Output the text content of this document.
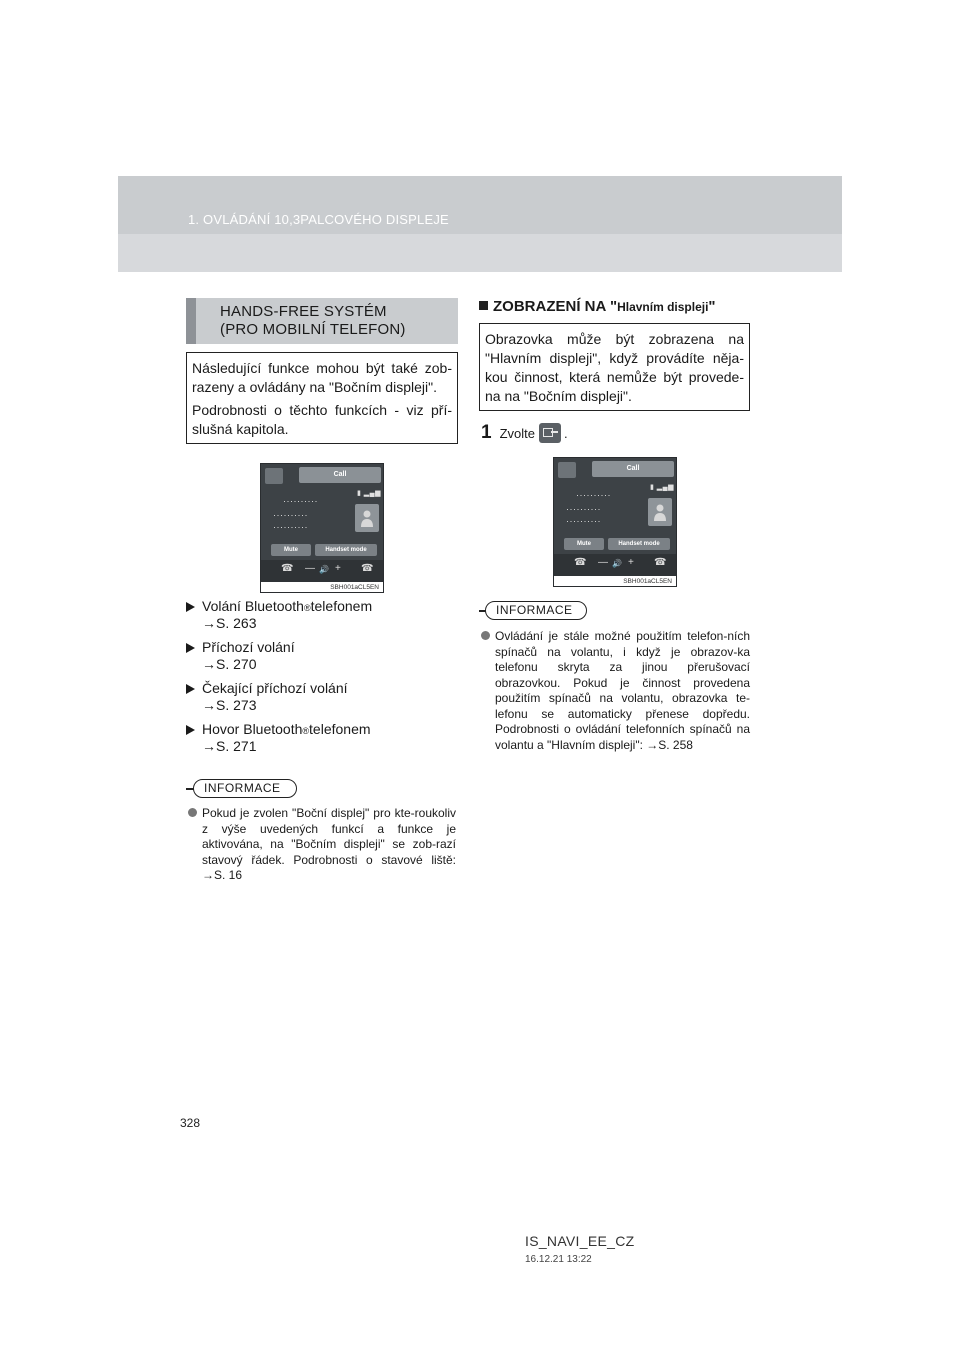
1. OVLÁDÁNÍ 10,3PALCOVÉHO DISPLEJE
HANDS-FREE SYSTÉM
(PRO MOBILNÍ TELEFON)

Následující funkce mohou být také zob-razeny a ovládány na "Bočním displeji".

Podrobnosti o těchto funkcích - viz pří-slušná kapitola.

Call
▮ ▂▄▆
··········
··········
··········
Mute	Handset mode
☎ — 🔊 + ☎
SBH001aCL5EN
Volání Bluetooth ® telefonem
→S. 263
Příchozí volání
→S. 270
Čekající příchozí volání
→S. 273
Hovor Bluetooth ® telefonem
→S. 271
INFORMACE
Pokud je zvolen "Boční displej" pro kte-roukoliv z výše uvedených funkcí a funkce je aktivována, na "Bočním displeji" se zob-razí stavový řádek. Podrobnosti o stavové liště: →S. 16
ZOBRAZENÍ NA "Hlavním displeji"

Obrazovka může být zobrazena na "Hlavním displeji", když provádíte něja-kou činnost, která nemůže být provede-na na "Bočním displeji".

1 Zvolte .
Call
▮ ▂▄▆
··········
··········
··········
Mute	Handset mode
☎ — 🔊 + ☎
SBH001aCL5EN
INFORMACE
Ovládání je stále možné použitím telefon-ních spínačů na volantu, i když je obrazov-ka telefonu skryta za jinou přerušovací obrazovkou. Pokud je činnost provedena použitím spínačů na volantu, obrazovka te-lefonu se automaticky přenese dopředu. Podrobnosti o ovládání telefonních spínačů na volantu a "Hlavním displeji": →S. 258
328
IS_NAVI_EE_CZ
16.12.21 13:22
